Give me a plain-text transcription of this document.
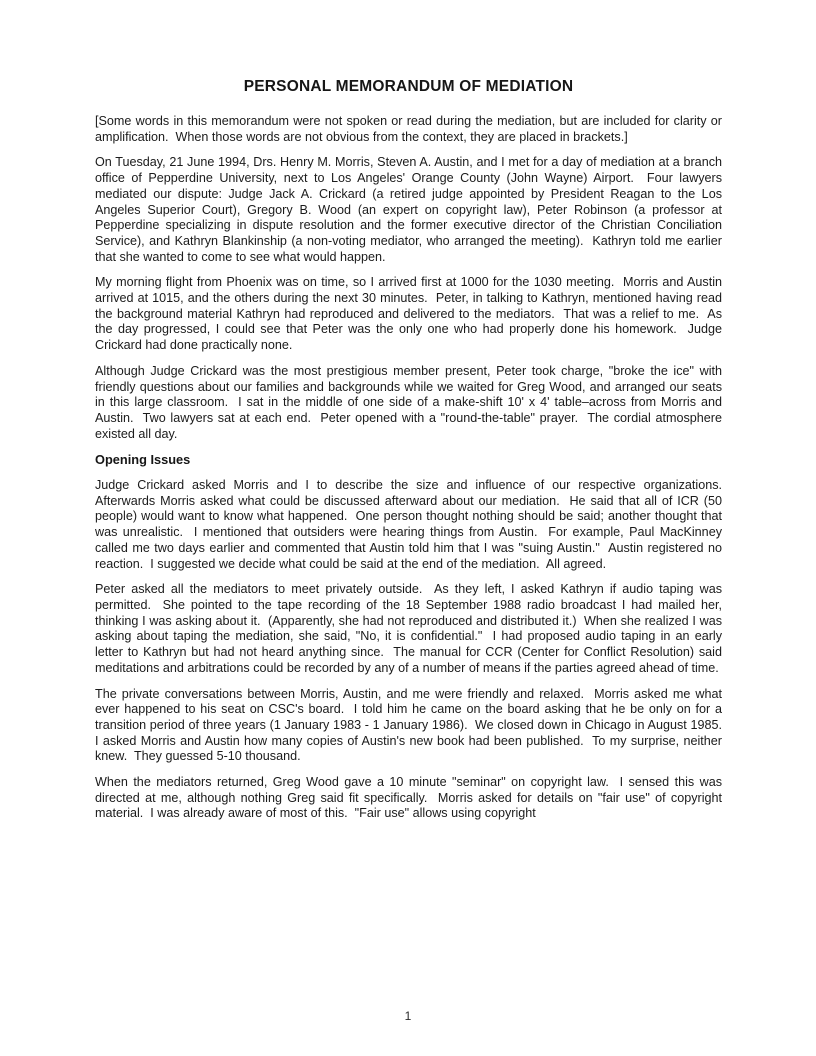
PERSONAL MEMORANDUM OF MEDIATION

[Some words in this memorandum were not spoken or read during the mediation, but are included for clarity or amplification.  When those words are not obvious from the context, they are placed in brackets.]

On Tuesday, 21 June 1994, Drs. Henry M. Morris, Steven A. Austin, and I met for a day of mediation at a branch office of Pepperdine University, next to Los Angeles' Orange County (John Wayne) Airport.  Four lawyers mediated our dispute: Judge Jack A. Crickard (a retired judge appointed by President Reagan to the Los Angeles Superior Court), Gregory B. Wood (an expert on copyright law), Peter Robinson (a professor at Pepperdine specializing in dispute resolution and the former executive director of the Christian Conciliation Service), and Kathryn Blankinship (a non-voting mediator, who arranged the meeting).  Kathryn told me earlier that she wanted to come to see what would happen.

My morning flight from Phoenix was on time, so I arrived first at 1000 for the 1030 meeting.  Morris and Austin arrived at 1015, and the others during the next 30 minutes.  Peter, in talking to Kathryn, mentioned having read the background material Kathryn had reproduced and delivered to the mediators.  That was a relief to me.  As the day progressed, I could see that Peter was the only one who had properly done his homework.  Judge Crickard had done practically none.

Although Judge Crickard was the most prestigious member present, Peter took charge, "broke the ice" with friendly questions about our families and backgrounds while we waited for Greg Wood, and arranged our seats in this large classroom.  I sat in the middle of one side of a make-shift 10' x 4' table–across from Morris and Austin.  Two lawyers sat at each end.  Peter opened with a "round-the-table" prayer.  The cordial atmosphere existed all day.

Opening Issues

Judge Crickard asked Morris and I to describe the size and influence of our respective organizations.  Afterwards Morris asked what could be discussed afterward about our mediation.  He said that all of ICR (50 people) would want to know what happened.  One person thought nothing should be said; another thought that was unrealistic.  I mentioned that outsiders were hearing things from Austin.  For example, Paul MacKinney called me two days earlier and commented that Austin told him that I was "suing Austin."  Austin registered no reaction.  I suggested we decide what could be said at the end of the mediation.  All agreed.

Peter asked all the mediators to meet privately outside.  As they left, I asked Kathryn if audio taping was permitted.  She pointed to the tape recording of the 18 September 1988 radio broadcast I had mailed her, thinking I was asking about it.  (Apparently, she had not reproduced and distributed it.)  When she realized I was asking about taping the mediation, she said, "No, it is confidential."  I had proposed audio taping in an early letter to Kathryn but had not heard anything since.  The manual for CCR (Center for Conflict Resolution) said meditations and arbitrations could be recorded by any of a number of means if the parties agreed ahead of time.

The private conversations between Morris, Austin, and me were friendly and relaxed.  Morris asked me what ever happened to his seat on CSC's board.  I told him he came on the board asking that he be only on for a transition period of three years (1 January 1983 - 1 January 1986).  We closed down in Chicago in August 1985.  I asked Morris and Austin how many copies of Austin's new book had been published.  To my surprise, neither knew.  They guessed 5-10 thousand.

When the mediators returned, Greg Wood gave a 10 minute "seminar" on copyright law.  I sensed this was directed at me, although nothing Greg said fit specifically.  Morris asked for details on "fair use" of copyright material.  I was already aware of most of this.  "Fair use" allows using copyright

1
